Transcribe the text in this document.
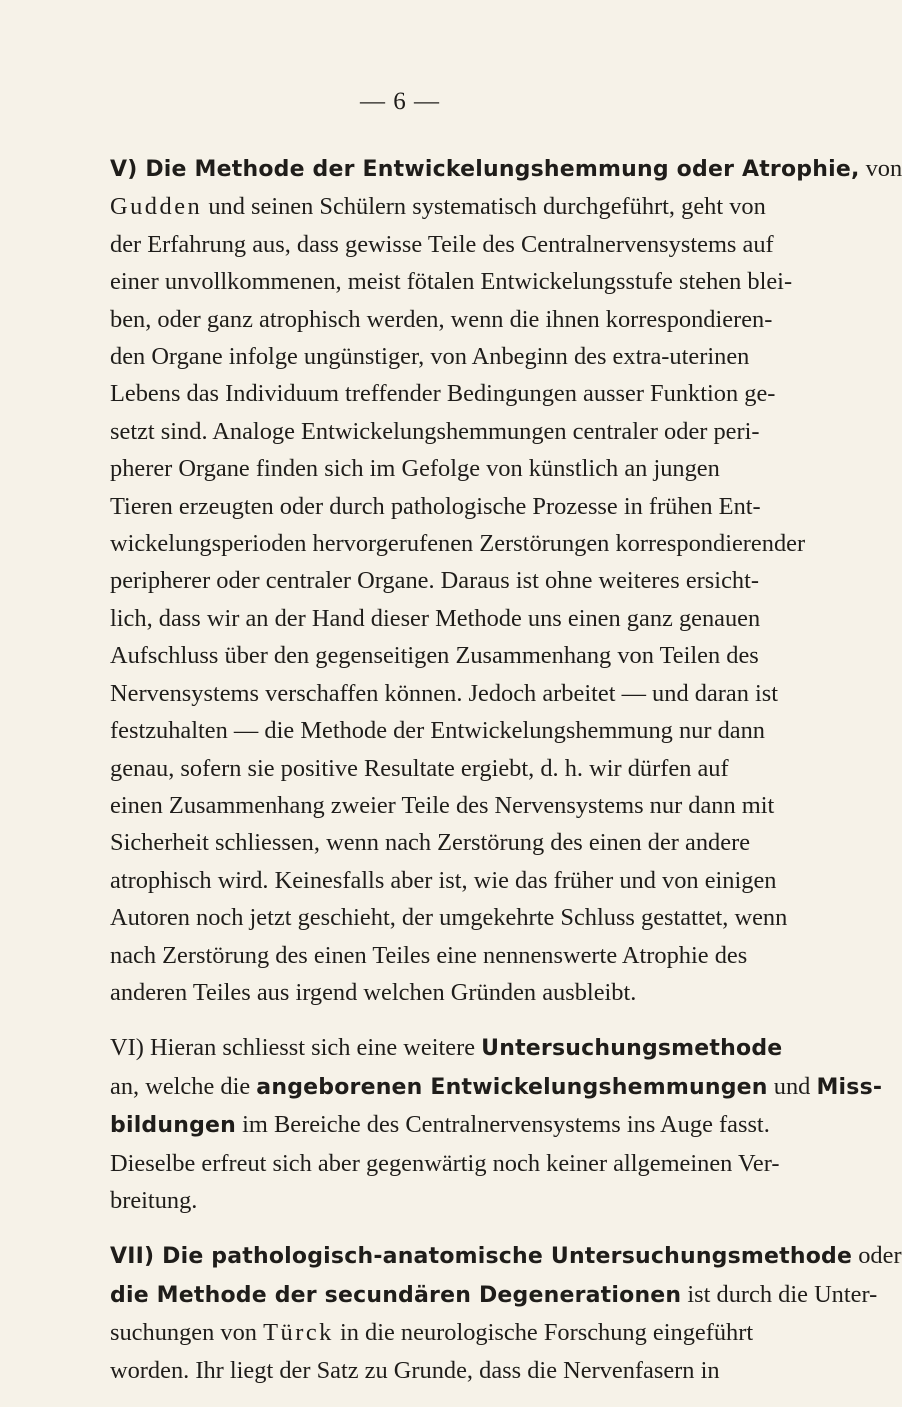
— 6 —

V) Die Methode der Entwickelungshemmung oder Atrophie, von
Gudden und seinen Schülern systematisch durchgeführt, geht von
der Erfahrung aus, dass gewisse Teile des Centralnervensystems auf
einer unvollkommenen, meist fötalen Entwickelungsstufe stehen blei-
ben, oder ganz atrophisch werden, wenn die ihnen korrespondieren-
den Organe infolge ungünstiger, von Anbeginn des extra-uterinen
Lebens das Individuum treffender Bedingungen ausser Funktion ge-
setzt sind. Analoge Entwickelungshemmungen centraler oder peri-
pherer Organe finden sich im Gefolge von künstlich an jungen
Tieren erzeugten oder durch pathologische Prozesse in frühen Ent-
wickelungsperioden hervorgerufenen Zerstörungen korrespondierender
peripherer oder centraler Organe. Daraus ist ohne weiteres ersicht-
lich, dass wir an der Hand dieser Methode uns einen ganz genauen
Aufschluss über den gegenseitigen Zusammenhang von Teilen des
Nervensystems verschaffen können. Jedoch arbeitet — und daran ist
festzuhalten — die Methode der Entwickelungshemmung nur dann
genau, sofern sie positive Resultate ergiebt, d. h. wir dürfen auf
einen Zusammenhang zweier Teile des Nervensystems nur dann mit
Sicherheit schliessen, wenn nach Zerstörung des einen der andere
atrophisch wird. Keinesfalls aber ist, wie das früher und von einigen
Autoren noch jetzt geschieht, der umgekehrte Schluss gestattet, wenn
nach Zerstörung des einen Teiles eine nennenswerte Atrophie des
anderen Teiles aus irgend welchen Gründen ausbleibt.

VI) Hieran schliesst sich eine weitere Untersuchungsmethode
an, welche die angeborenen Entwickelungshemmungen und Miss-
bildungen im Bereiche des Centralnervensystems ins Auge fasst.
Dieselbe erfreut sich aber gegenwärtig noch keiner allgemeinen Ver-
breitung.

VII) Die pathologisch-anatomische Untersuchungsmethode oder
die Methode der secundären Degenerationen ist durch die Unter-
suchungen von Türck in die neurologische Forschung eingeführt
worden. Ihr liegt der Satz zu Grunde, dass die Nervenfasern in
